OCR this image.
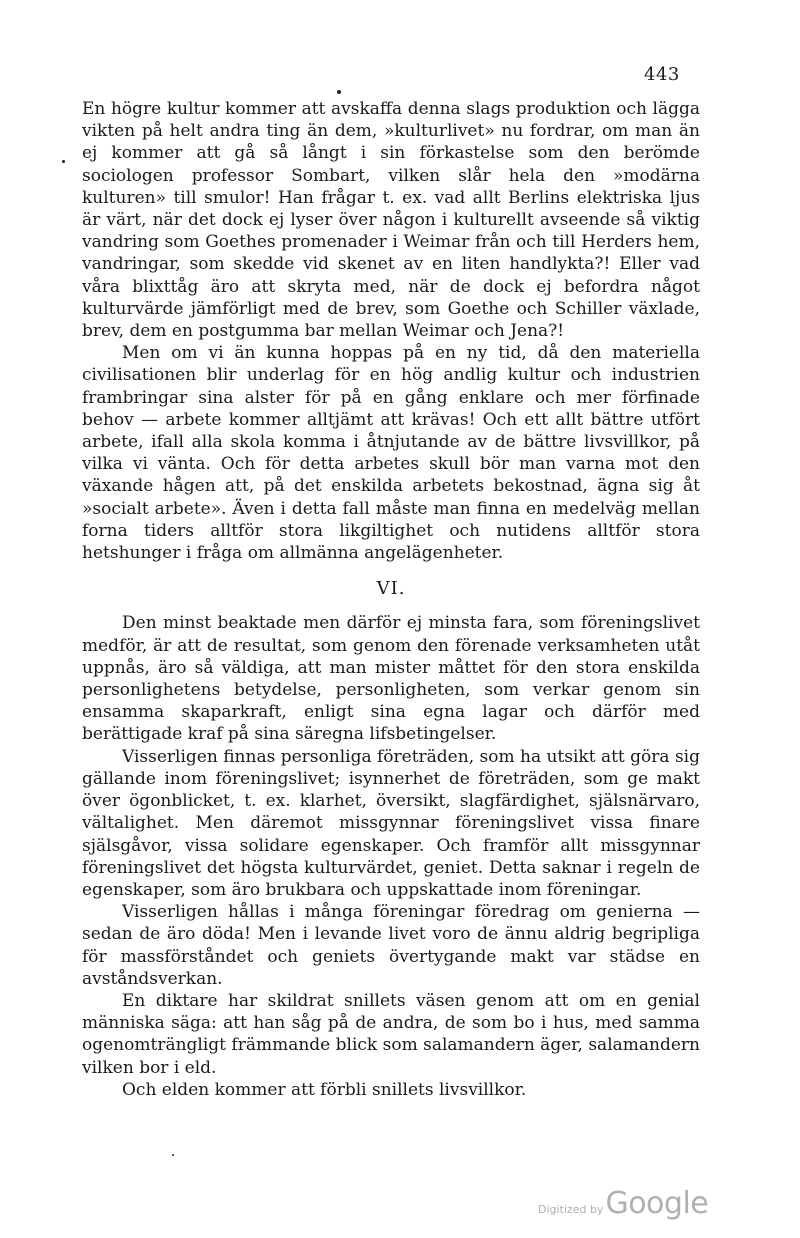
443

En högre kultur kommer att avskaffa denna slags produktion och lägga vikten på helt andra ting än dem, »kulturlivet» nu fordrar, om man än ej kommer att gå så långt i sin förkastelse som den berömde sociologen professor Sombart, vilken slår hela den »modärna kulturen» till smulor! Han frågar t. ex. vad allt Berlins elektriska ljus är värt, när det dock ej lyser över någon i kulturellt avseende så viktig vandring som Goethes promenader i Weimar från och till Herders hem, vandringar, som skedde vid skenet av en liten handlykta?! Eller vad våra blixttåg äro att skryta med, när de dock ej befordra något kulturvärde jämförligt med de brev, som Goethe och Schiller växlade, brev, dem en postgumma bar mellan Weimar och Jena?!

Men om vi än kunna hoppas på en ny tid, då den materiella civilisationen blir underlag för en hög andlig kultur och industrien frambringar sina alster för på en gång enklare och mer förfinade behov — arbete kommer alltjämt att krävas! Och ett allt bättre utfört arbete, ifall alla skola komma i åtnjutande av de bättre livsvillkor, på vilka vi vänta. Och för detta arbetes skull bör man varna mot den växande hågen att, på det enskilda arbetets bekostnad, ägna sig åt »socialt arbete». Även i detta fall måste man finna en medelväg mellan forna tiders alltför stora likgiltighet och nutidens alltför stora hetshunger i fråga om allmänna angelägenheter.

VI.

Den minst beaktade men därför ej minsta fara, som föreningslivet medför, är att de resultat, som genom den förenade verksamheten utåt uppnås, äro så väldiga, att man mister måttet för den stora enskilda personlighetens betydelse, personligheten, som verkar genom sin ensamma skaparkraft, enligt sina egna lagar och därför med berättigade kraf på sina säregna lifsbetingelser.

Visserligen finnas personliga företräden, som ha utsikt att göra sig gällande inom föreningslivet; isynnerhet de företräden, som ge makt över ögonblicket, t. ex. klarhet, översikt, slagfärdighet, själsnärvaro, vältalighet. Men däremot missgynnar föreningslivet vissa finare själsgåvor, vissa solidare egenskaper. Och framför allt missgynnar föreningslivet det högsta kulturvärdet, geniet. Detta saknar i regeln de egenskaper, som äro brukbara och uppskattade inom föreningar.

Visserligen hållas i många föreningar föredrag om genierna — sedan de äro döda! Men i levande livet voro de ännu aldrig begripliga för massförståndet och geniets övertygande makt var städse en avståndsverkan.

En diktare har skildrat snillets väsen genom att om en genial människa säga: att han såg på de andra, de som bo i hus, med samma ogenomträngligt främmande blick som salamandern äger, salamandern vilken bor i eld.

Och elden kommer att förbli snillets livsvillkor.

Digitized by Google
